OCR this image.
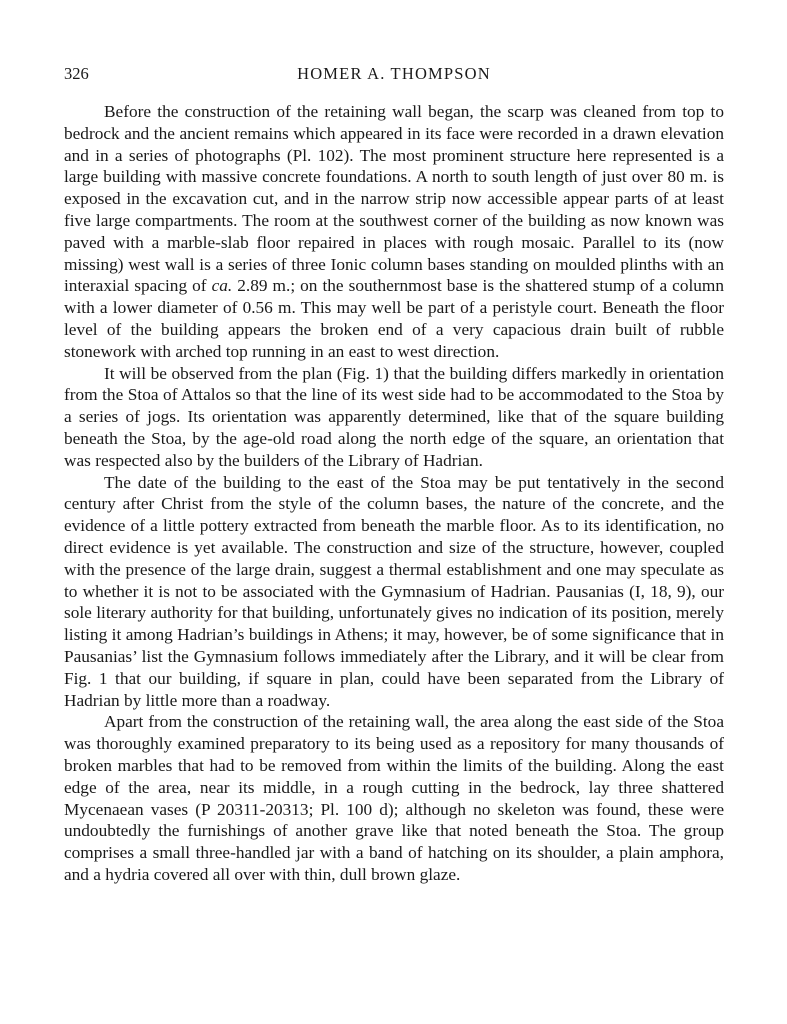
326	HOMER A. THOMPSON

Before the construction of the retaining wall began, the scarp was cleaned from top to bedrock and the ancient remains which appeared in its face were recorded in a drawn elevation and in a series of photographs (Pl. 102). The most prominent structure here represented is a large building with massive concrete foundations. A north to south length of just over 80 m. is exposed in the excavation cut, and in the narrow strip now accessible appear parts of at least five large compartments. The room at the southwest corner of the building as now known was paved with a marble-slab floor repaired in places with rough mosaic. Parallel to its (now missing) west wall is a series of three Ionic column bases standing on moulded plinths with an interaxial spacing of ca. 2.89 m.; on the southernmost base is the shattered stump of a column with a lower diameter of 0.56 m. This may well be part of a peristyle court. Beneath the floor level of the building appears the broken end of a very capacious drain built of rubble stonework with arched top running in an east to west direction.

It will be observed from the plan (Fig. 1) that the building differs markedly in orientation from the Stoa of Attalos so that the line of its west side had to be accommodated to the Stoa by a series of jogs. Its orientation was apparently determined, like that of the square building beneath the Stoa, by the age-old road along the north edge of the square, an orientation that was respected also by the builders of the Library of Hadrian.

The date of the building to the east of the Stoa may be put tentatively in the second century after Christ from the style of the column bases, the nature of the concrete, and the evidence of a little pottery extracted from beneath the marble floor. As to its identification, no direct evidence is yet available. The construction and size of the structure, however, coupled with the presence of the large drain, suggest a thermal establishment and one may speculate as to whether it is not to be associated with the Gymnasium of Hadrian. Pausanias (I, 18, 9), our sole literary authority for that building, unfortunately gives no indication of its position, merely listing it among Hadrian’s buildings in Athens; it may, however, be of some significance that in Pausanias’ list the Gymnasium follows immediately after the Library, and it will be clear from Fig. 1 that our building, if square in plan, could have been separated from the Library of Hadrian by little more than a roadway.

Apart from the construction of the retaining wall, the area along the east side of the Stoa was thoroughly examined preparatory to its being used as a repository for many thousands of broken marbles that had to be removed from within the limits of the building. Along the east edge of the area, near its middle, in a rough cutting in the bedrock, lay three shattered Mycenaean vases (P 20311-20313; Pl. 100 d); although no skeleton was found, these were undoubtedly the furnishings of another grave like that noted beneath the Stoa. The group comprises a small three-handled jar with a band of hatching on its shoulder, a plain amphora, and a hydria covered all over with thin, dull brown glaze.
